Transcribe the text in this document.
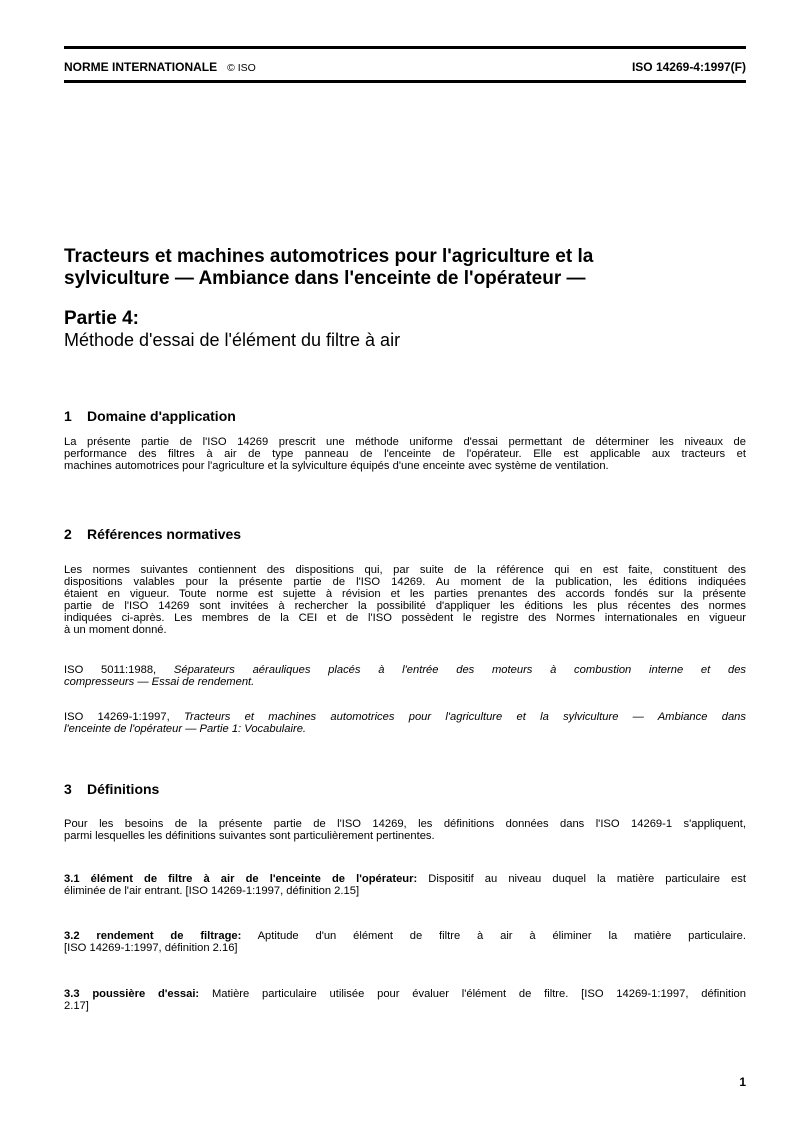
NORME INTERNATIONALE © ISO	ISO 14269-4:1997(F)
Tracteurs et machines automotrices pour l'agriculture et la
sylviculture — Ambiance dans l'enceinte de l'opérateur —
Partie 4:
Méthode d'essai de l'élément du filtre à air
1 Domaine d'application
La présente partie de l'ISO 14269 prescrit une méthode uniforme d'essai permettant de déterminer les niveaux de
performance des filtres à air de type panneau de l'enceinte de l'opérateur. Elle est applicable aux tracteurs et
machines automotrices pour l'agriculture et la sylviculture équipés d'une enceinte avec système de ventilation.
2 Références normatives
Les normes suivantes contiennent des dispositions qui, par suite de la référence qui en est faite, constituent des
dispositions valables pour la présente partie de l'ISO 14269. Au moment de la publication, les éditions indiquées
étaient en vigueur. Toute norme est sujette à révision et les parties prenantes des accords fondés sur la présente
partie de l'ISO 14269 sont invitées à rechercher la possibilité d'appliquer les éditions les plus récentes des normes
indiquées ci-après. Les membres de la CEI et de l'ISO possèdent le registre des Normes internationales en vigueur
à un moment donné.
ISO 5011:1988, Séparateurs aérauliques placés à l'entrée des moteurs à combustion interne et des
compresseurs — Essai de rendement.
ISO 14269-1:1997, Tracteurs et machines automotrices pour l'agriculture et la sylviculture — Ambiance dans
l'enceinte de l'opérateur — Partie 1: Vocabulaire.
3 Définitions
Pour les besoins de la présente partie de l'ISO 14269, les définitions données dans l'ISO 14269-1 s'appliquent,
parmi lesquelles les définitions suivantes sont particulièrement pertinentes.
3.1 élément de filtre à air de l'enceinte de l'opérateur: Dispositif au niveau duquel la matière particulaire est
éliminée de l'air entrant. [ISO 14269-1:1997, définition 2.15]
3.2 rendement de filtrage: Aptitude d'un élément de filtre à air à éliminer la matière particulaire.
[ISO 14269-1:1997, définition 2.16]
3.3 poussière d'essai: Matière particulaire utilisée pour évaluer l'élément de filtre. [ISO 14269-1:1997, définition
2.17]
1
